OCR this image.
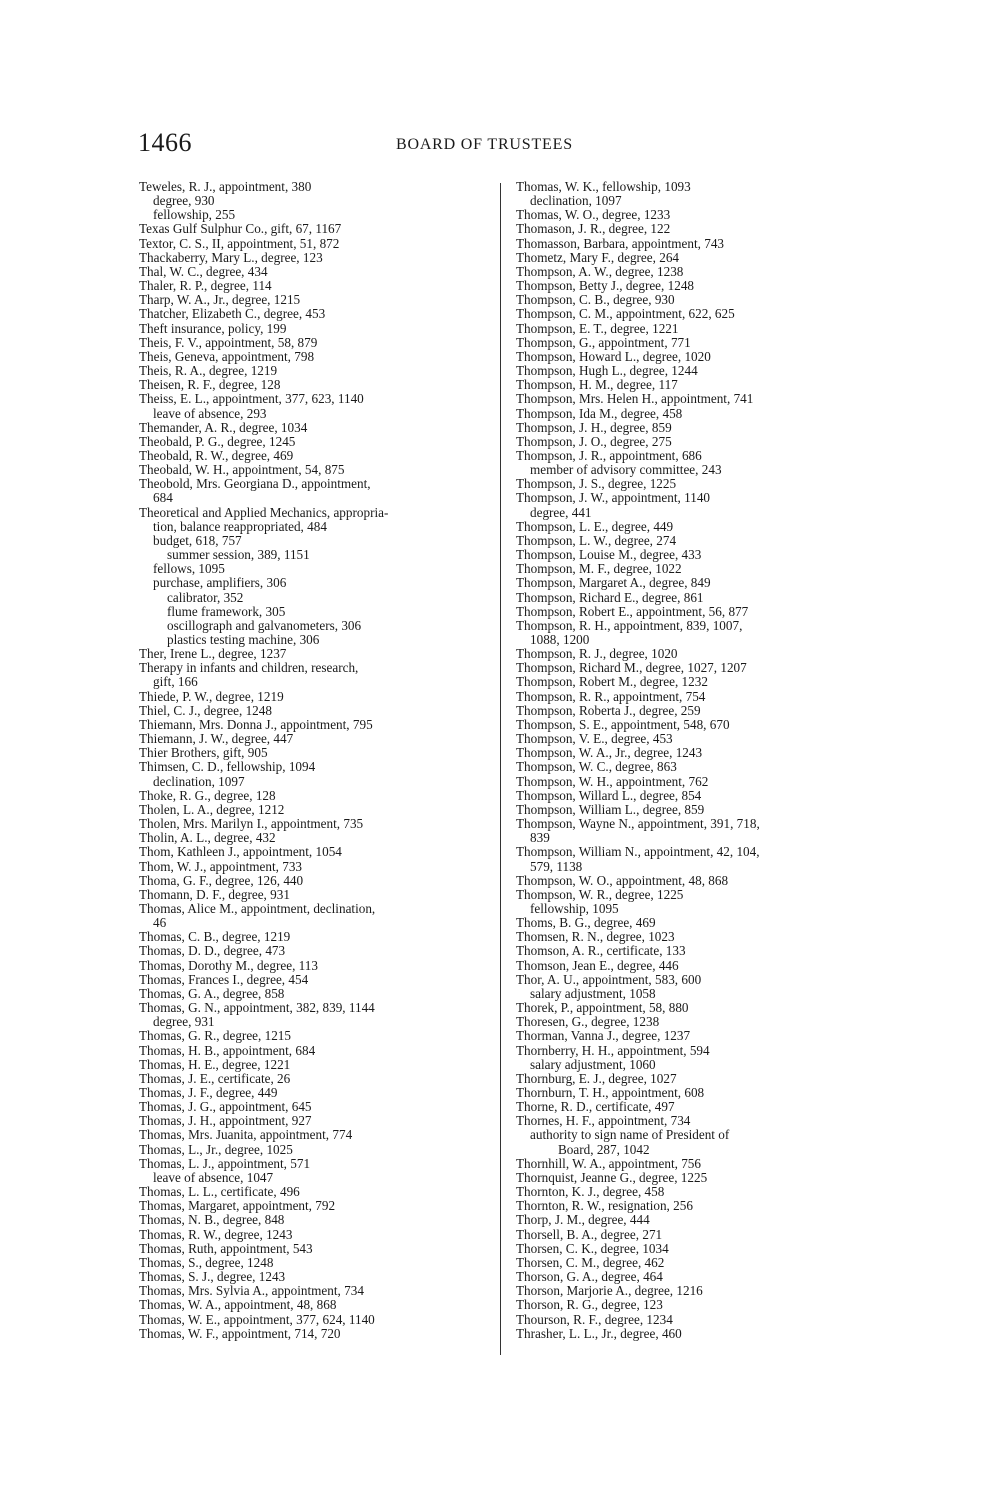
1466	BOARD OF TRUSTEES
Teweles, R. J., appointment, 380
degree, 930
fellowship, 255
Texas Gulf Sulphur Co., gift, 67, 1167
Textor, C. S., II, appointment, 51, 872
Thackaberry, Mary L., degree, 123
Thal, W. C., degree, 434
Thaler, R. P., degree, 114
Tharp, W. A., Jr., degree, 1215
Thatcher, Elizabeth C., degree, 453
Theft insurance, policy, 199
Theis, F. V., appointment, 58, 879
Theis, Geneva, appointment, 798
Theis, R. A., degree, 1219
Theisen, R. F., degree, 128
Theiss, E. L., appointment, 377, 623, 1140
leave of absence, 293
Themander, A. R., degree, 1034
Theobald, P. G., degree, 1245
Theobald, R. W., degree, 469
Theobald, W. H., appointment, 54, 875
Theobold, Mrs. Georgiana D., appointment,
684
Theoretical and Applied Mechanics, appropria-
tion, balance reappropriated, 484
budget, 618, 757
summer session, 389, 1151
fellows, 1095
purchase, amplifiers, 306
calibrator, 352
flume framework, 305
oscillograph and galvanometers, 306
plastics testing machine, 306
Ther, Irene L., degree, 1237
Therapy in infants and children, research,
gift, 166
Thiede, P. W., degree, 1219
Thiel, C. J., degree, 1248
Thiemann, Mrs. Donna J., appointment, 795
Thiemann, J. W., degree, 447
Thier Brothers, gift, 905
Thimsen, C. D., fellowship, 1094
declination, 1097
Thoke, R. G., degree, 128
Tholen, L. A., degree, 1212
Tholen, Mrs. Marilyn I., appointment, 735
Tholin, A. L., degree, 432
Thom, Kathleen J., appointment, 1054
Thom, W. J., appointment, 733
Thoma, G. F., degree, 126, 440
Thomann, D. F., degree, 931
Thomas, Alice M., appointment, declination,
46
Thomas, C. B., degree, 1219
Thomas, D. D., degree, 473
Thomas, Dorothy M., degree, 113
Thomas, Frances I., degree, 454
Thomas, G. A., degree, 858
Thomas, G. N., appointment, 382, 839, 1144
degree, 931
Thomas, G. R., degree, 1215
Thomas, H. B., appointment, 684
Thomas, H. E., degree, 1221
Thomas, J. E., certificate, 26
Thomas, J. F., degree, 449
Thomas, J. G., appointment, 645
Thomas, J. H., appointment, 927
Thomas, Mrs. Juanita, appointment, 774
Thomas, L., Jr., degree, 1025
Thomas, L. J., appointment, 571
leave of absence, 1047
Thomas, L. L., certificate, 496
Thomas, Margaret, appointment, 792
Thomas, N. B., degree, 848
Thomas, R. W., degree, 1243
Thomas, Ruth, appointment, 543
Thomas, S., degree, 1248
Thomas, S. J., degree, 1243
Thomas, Mrs. Sylvia A., appointment, 734
Thomas, W. A., appointment, 48, 868
Thomas, W. E., appointment, 377, 624, 1140
Thomas, W. F., appointment, 714, 720
Thomas, W. K., fellowship, 1093
declination, 1097
Thomas, W. O., degree, 1233
Thomason, J. R., degree, 122
Thomasson, Barbara, appointment, 743
Thometz, Mary F., degree, 264
Thompson, A. W., degree, 1238
Thompson, Betty J., degree, 1248
Thompson, C. B., degree, 930
Thompson, C. M., appointment, 622, 625
Thompson, E. T., degree, 1221
Thompson, G., appointment, 771
Thompson, Howard L., degree, 1020
Thompson, Hugh L., degree, 1244
Thompson, H. M., degree, 117
Thompson, Mrs. Helen H., appointment, 741
Thompson, Ida M., degree, 458
Thompson, J. H., degree, 859
Thompson, J. O., degree, 275
Thompson, J. R., appointment, 686
member of advisory committee, 243
Thompson, J. S., degree, 1225
Thompson, J. W., appointment, 1140
degree, 441
Thompson, L. E., degree, 449
Thompson, L. W., degree, 274
Thompson, Louise M., degree, 433
Thompson, M. F., degree, 1022
Thompson, Margaret A., degree, 849
Thompson, Richard E., degree, 861
Thompson, Robert E., appointment, 56, 877
Thompson, R. H., appointment, 839, 1007,
1088, 1200
Thompson, R. J., degree, 1020
Thompson, Richard M., degree, 1027, 1207
Thompson, Robert M., degree, 1232
Thompson, R. R., appointment, 754
Thompson, Roberta J., degree, 259
Thompson, S. E., appointment, 548, 670
Thompson, V. E., degree, 453
Thompson, W. A., Jr., degree, 1243
Thompson, W. C., degree, 863
Thompson, W. H., appointment, 762
Thompson, Willard L., degree, 854
Thompson, William L., degree, 859
Thompson, Wayne N., appointment, 391, 718,
839
Thompson, William N., appointment, 42, 104,
579, 1138
Thompson, W. O., appointment, 48, 868
Thompson, W. R., degree, 1225
fellowship, 1095
Thoms, B. G., degree, 469
Thomsen, R. N., degree, 1023
Thomson, A. R., certificate, 133
Thomson, Jean E., degree, 446
Thor, A. U., appointment, 583, 600
salary adjustment, 1058
Thorek, P., appointment, 58, 880
Thoresen, G., degree, 1238
Thorman, Vanna J., degree, 1237
Thornberry, H. H., appointment, 594
salary adjustment, 1060
Thornburg, E. J., degree, 1027
Thornburn, T. H., appointment, 608
Thorne, R. D., certificate, 497
Thornes, H. F., appointment, 734
authority to sign name of President of
Board, 287, 1042
Thornhill, W. A., appointment, 756
Thornquist, Jeanne G., degree, 1225
Thornton, K. J., degree, 458
Thornton, R. W., resignation, 256
Thorp, J. M., degree, 444
Thorsell, B. A., degree, 271
Thorsen, C. K., degree, 1034
Thorsen, C. M., degree, 462
Thorson, G. A., degree, 464
Thorson, Marjorie A., degree, 1216
Thorson, R. G., degree, 123
Thourson, R. F., degree, 1234
Thrasher, L. L., Jr., degree, 460
